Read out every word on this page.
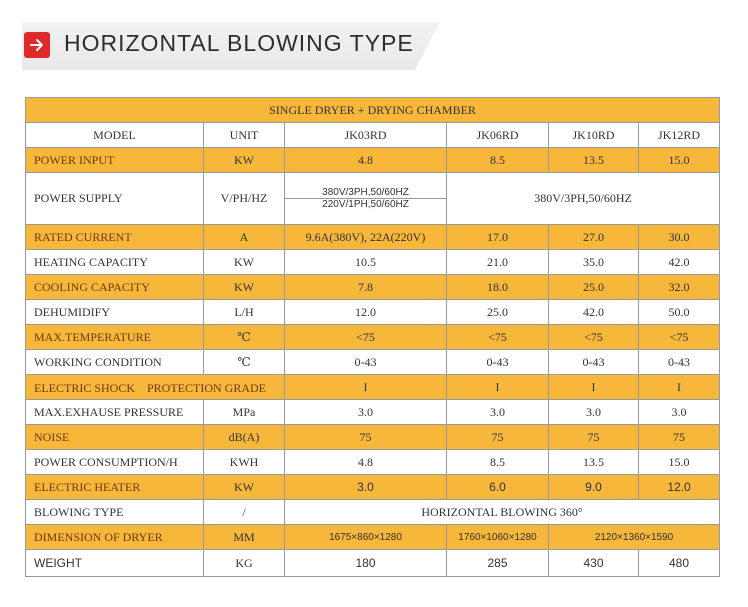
HORIZONTAL BLOWING TYPE
SINGLE DRYER + DRYING CHAMBER					
MODEL	UNIT	JK03RD	JK06RD	JK10RD	JK12RD
POWER INPUT	KW	4.8	8.5	13.5	15.0
POWER SUPPLY	V/PH/HZ	380V/3PH,50/60HZ
220V/1PH,50/60HZ	380V/3PH,50/60HZ		
RATED CURRENT	A	9.6A(380V), 22A(220V)	17.0	27.0	30.0
HEATING CAPACITY	KW	10.5	21.0	35.0	42.0
COOLING CAPACITY	KW	7.8	18.0	25.0	32.0
DEHUMIDIFY	L/H	12.0	25.0	42.0	50.0
MAX.TEMPERATURE	℃	<75	<75	<75	<75
WORKING CONDITION	℃	0-43	0-43	0-43	0-43
ELECTRIC SHOCK　PROTECTION GRADE		I	I	I	I
MAX.EXHAUSE PRESSURE	MPa	3.0	3.0	3.0	3.0
NOISE	dB(A)	75	75	75	75
POWER CONSUMPTION/H	KWH	4.8	8.5	13.5	15.0
ELECTRIC HEATER	KW	3.0	6.0	9.0	12.0
BLOWING TYPE	/	HORIZONTAL BLOWING 360°			
DIMENSION OF DRYER	MM	1675×860×1280	1760×1060×1280	2120×1360×1590	
WEIGHT	KG	180	285	430	480
